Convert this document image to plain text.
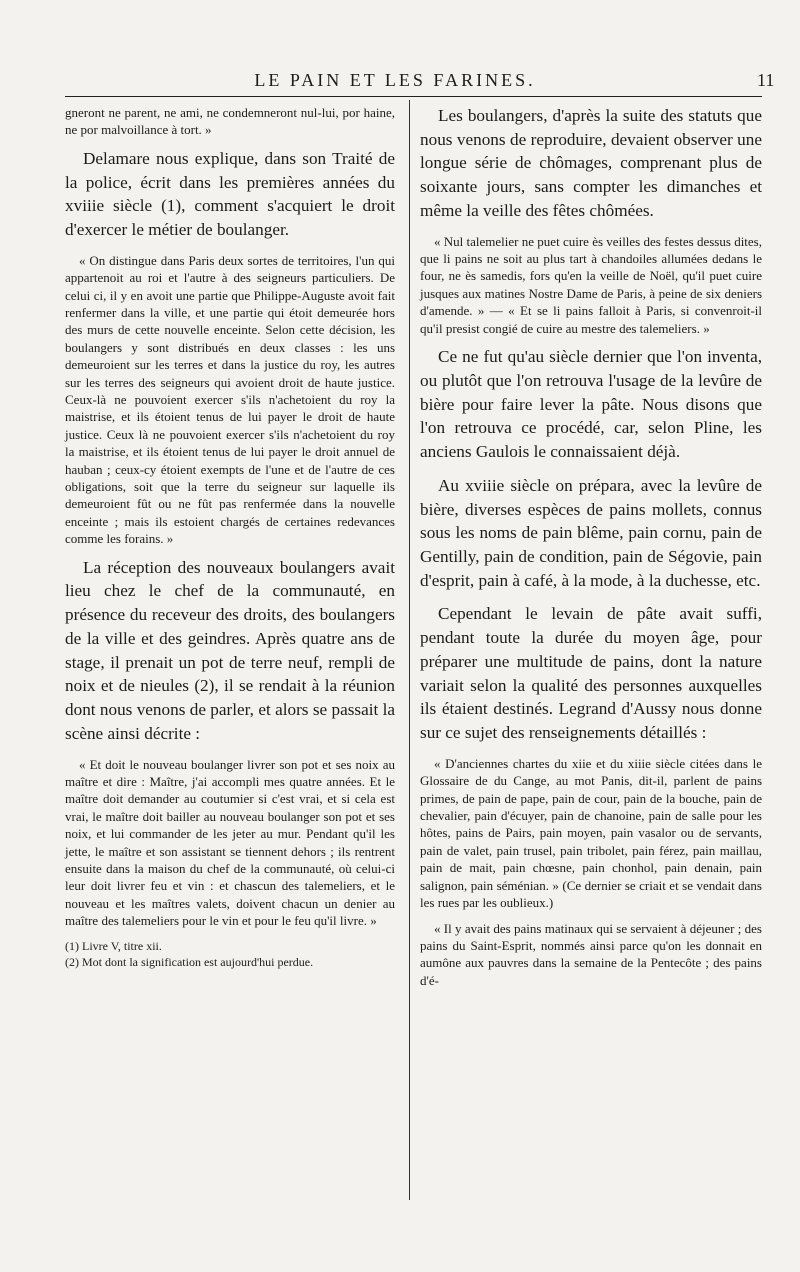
LE PAIN ET LES FARINES.	11

gneront ne parent, ne ami, ne condemneront nul-lui, por haine, ne por malvoillance à tort. »

Delamare nous explique, dans son Traité de la police, écrit dans les premières années du xviiie siècle (1), comment s'acquiert le droit d'exercer le métier de boulanger.

« On distingue dans Paris deux sortes de territoires, l'un qui appartenoit au roi et l'autre à des seigneurs particuliers. De celui ci, il y en avoit une partie que Philippe-Auguste avoit fait renfermer dans la ville, et une partie qui étoit demeurée hors des murs de cette nouvelle enceinte. Selon cette décision, les boulangers y sont distribués en deux classes : les uns demeuroient sur les terres et dans la justice du roy, les autres sur les terres des seigneurs qui avoient droit de haute justice. Ceux-là ne pouvoient exercer s'ils n'achetoient du roy la maistrise, et ils étoient tenus de lui payer le droit de haute justice. Ceux là ne pouvoient exercer s'ils n'achetoient du roy la maistrise, et ils étoient tenus de lui payer le droit annuel de hauban ; ceux-cy étoient exempts de l'une et de l'autre de ces obligations, soit que la terre du seigneur sur laquelle ils demeuroient fût ou ne fût pas renfermée dans la nouvelle enceinte ; mais ils estoient chargés de certaines redevances comme les forains. »

La réception des nouveaux boulangers avait lieu chez le chef de la communauté, en présence du receveur des droits, des boulangers de la ville et des geindres. Après quatre ans de stage, il prenait un pot de terre neuf, rempli de noix et de nieules (2), il se rendait à la réunion dont nous venons de parler, et alors se passait la scène ainsi décrite :

« Et doit le nouveau boulanger livrer son pot et ses noix au maître et dire : Maître, j'ai accompli mes quatre années. Et le maître doit demander au coutumier si c'est vrai, et si cela est vrai, le maître doit bailler au nouveau boulanger son pot et ses noix, et lui commander de les jeter au mur. Pendant qu'il les jette, le maître et son assistant se tiennent dehors ; ils rentrent ensuite dans la maison du chef de la communauté, où celui-ci leur doit livrer feu et vin : et chascun des talemeliers, et le nouveau et les maîtres valets, doivent chacun un denier au maître des talemeliers pour le vin et pour le feu qu'il livre. »

(1) Livre V, titre xii.

(2) Mot dont la signification est aujourd'hui perdue.

Les boulangers, d'après la suite des statuts que nous venons de reproduire, devaient observer une longue série de chômages, comprenant plus de soixante jours, sans compter les dimanches et même la veille des fêtes chômées.

« Nul talemelier ne puet cuire ès veilles des festes dessus dites, que li pains ne soit au plus tart à chandoiles allumées dedans le four, ne ès samedis, fors qu'en la veille de Noël, qu'il puet cuire jusques aux matines Nostre Dame de Paris, à peine de six deniers d'amende. » — « Et se li pains falloit à Paris, si convenroit-il qu'il presist congié de cuire au mestre des talemeliers. »

Ce ne fut qu'au siècle dernier que l'on inventa, ou plutôt que l'on retrouva l'usage de la levûre de bière pour faire lever la pâte. Nous disons que l'on retrouva ce procédé, car, selon Pline, les anciens Gaulois le connaissaient déjà.

Au xviiie siècle on prépara, avec la levûre de bière, diverses espèces de pains mollets, connus sous les noms de pain blême, pain cornu, pain de Gentilly, pain de condition, pain de Ségovie, pain d'esprit, pain à café, à la mode, à la duchesse, etc.

Cependant le levain de pâte avait suffi, pendant toute la durée du moyen âge, pour préparer une multitude de pains, dont la nature variait selon la qualité des personnes auxquelles ils étaient destinés. Legrand d'Aussy nous donne sur ce sujet des renseignements détaillés :

« D'anciennes chartes du xiie et du xiiie siècle citées dans le Glossaire de du Cange, au mot Panis, dit-il, parlent de pains primes, de pain de pape, pain de cour, pain de la bouche, pain de chevalier, pain d'écuyer, pain de chanoine, pain de salle pour les hôtes, pains de Pairs, pain moyen, pain vasalor ou de servants, pain de valet, pain trusel, pain tribolet, pain férez, pain maillau, pain de mait, pain chœsne, pain chonhol, pain denain, pain salignon, pain séménian. » (Ce dernier se criait et se vendait dans les rues par les oublieux.)

« Il y avait des pains matinaux qui se servaient à déjeuner ; des pains du Saint-Esprit, nommés ainsi parce qu'on les donnait en aumône aux pauvres dans la semaine de la Pentecôte ; des pains d'é-
